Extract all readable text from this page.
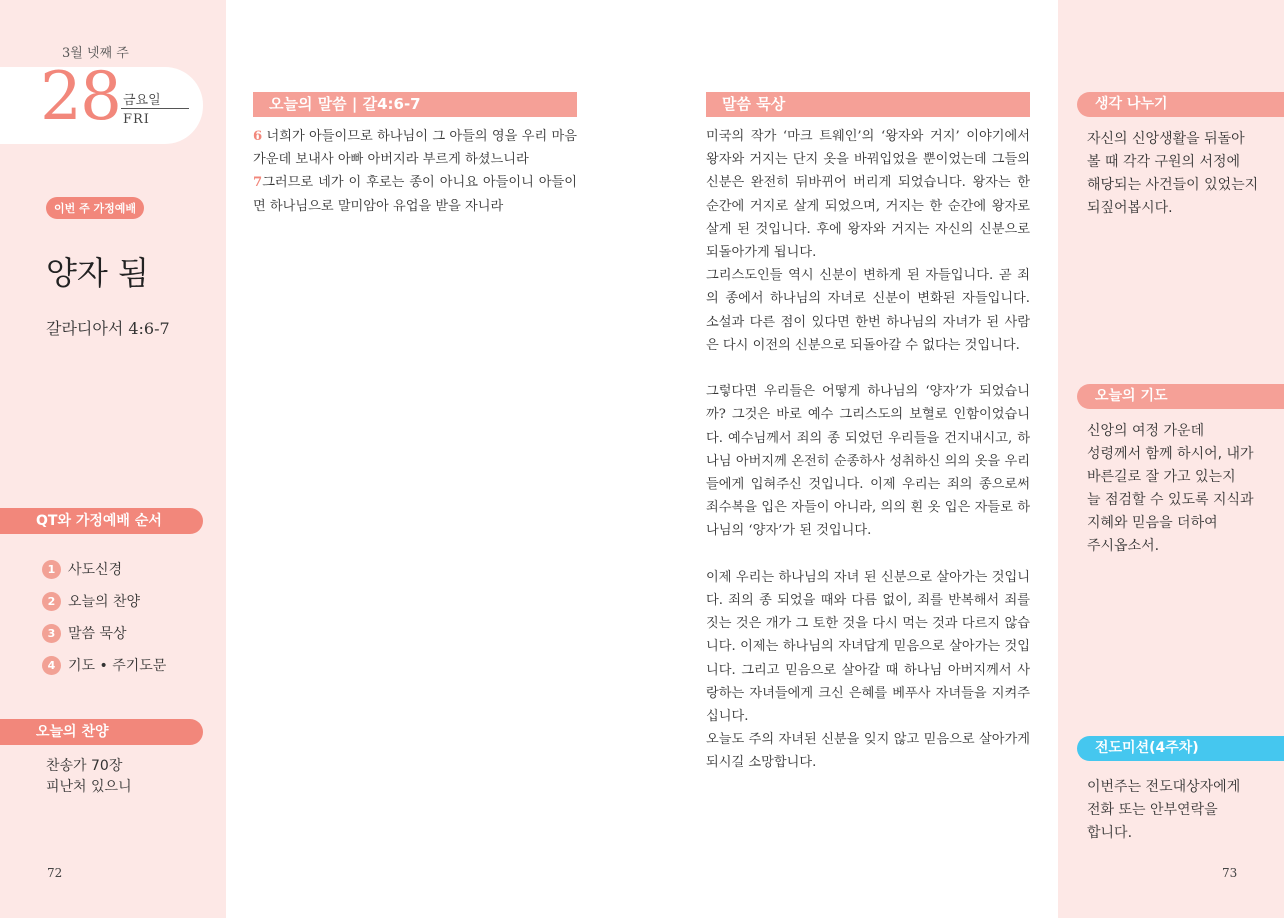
3월 넷째 주
28 금요일
FRI
이번 주 가정예배
양자 됨
갈라디아서 4:6-7
QT와 가정예배 순서
1 사도신경
2 오늘의 찬양
3 말씀 묵상
4 기도 • 주기도문
오늘의 찬양
찬송가 70장
피난처 있으니
72
오늘의 말씀 | 갈4:6-7

6 너희가 아들이므로 하나님이 그 아들의 영을 우리 마음 가운데 보내사 아빠 아버지라 부르게 하셨느니라

7그러므로 네가 이 후로는 종이 아니요 아들이니 아들이면 하나님으로 말미암아 유업을 받을 자니라

말씀 묵상

미국의 작가 ‘마크 트웨인’의 ‘왕자와 거지’ 이야기에서 왕자와 거지는 단지 옷을 바꿔입었을 뿐이었는데 그들의 신분은 완전히 뒤바뀌어 버리게 되었습니다. 왕자는 한 순간에 거지로 살게 되었으며, 거지는 한 순간에 왕자로 살게 된 것입니다. 후에 왕자와 거지는 자신의 신분으로 되돌아가게 됩니다.

그리스도인들 역시 신분이 변하게 된 자들입니다. 곧 죄의 종에서 하나님의 자녀로 신분이 변화된 자들입니다. 소설과 다른 점이 있다면 한번 하나님의 자녀가 된 사람은 다시 이전의 신분으로 되돌아갈 수 없다는 것입니다.

그렇다면 우리들은 어떻게 하나님의 ‘양자’가 되었습니까? 그것은 바로 예수 그리스도의 보혈로 인함이었습니다. 예수님께서 죄의 종 되었던 우리들을 건지내시고, 하나님 아버지께 온전히 순종하사 성취하신 의의 옷을 우리들에게 입혀주신 것입니다. 이제 우리는 죄의 종으로써 죄수복을 입은 자들이 아니라, 의의 흰 옷 입은 자들로 하나님의 ‘양자’가 된 것입니다.

이제 우리는 하나님의 자녀 된 신분으로 살아가는 것입니다. 죄의 종 되었을 때와 다름 없이, 죄를 반복해서 죄를 짓는 것은 개가 그 토한 것을 다시 먹는 것과 다르지 않습니다. 이제는 하나님의 자녀답게 믿음으로 살아가는 것입니다. 그리고 믿음으로 살아갈 때 하나님 아버지께서 사랑하는 자녀들에게 크신 은혜를 베푸사 자녀들을 지켜주십니다.

오늘도 주의 자녀된 신분을 잊지 않고 믿음으로 살아가게 되시길 소망합니다.

생각 나누기
자신의 신앙생활을 뒤돌아
볼 때 각각 구원의 서정에
해당되는 사건들이 있었는지
되짚어봅시다.
오늘의 기도
신앙의 여정 가운데
성령께서 함께 하시어, 내가
바른길로 잘 가고 있는지
늘 점검할 수 있도록 지식과
지혜와 믿음을 더하여
주시옵소서.
전도미션(4주차)
이번주는 전도대상자에게
전화 또는 안부연락을
합니다.
73
